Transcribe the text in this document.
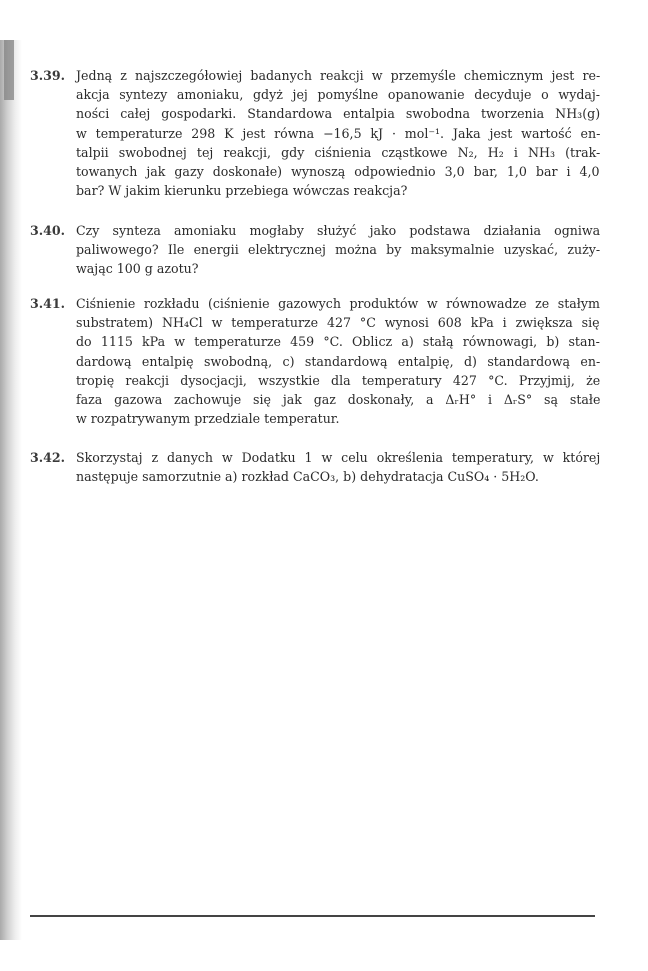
3.39. Jedną z najszczegółowiej badanych reakcji w przemyśle chemicznym jest re-
akcja syntezy amoniaku, gdyż jej pomyślne opanowanie decyduje o wydaj-
ności całej gospodarki. Standardowa entalpia swobodna tworzenia NH₃(g)
w temperaturze 298 K jest równa −16,5 kJ · mol⁻¹. Jaka jest wartość en-
talpii swobodnej tej reakcji, gdy ciśnienia cząstkowe N₂, H₂ i NH₃ (trak-
towanych jak gazy doskonałe) wynoszą odpowiednio 3,0 bar, 1,0 bar i 4,0
bar? W jakim kierunku przebiega wówczas reakcja?
3.40. Czy synteza amoniaku mogłaby służyć jako podstawa działania ogniwa
paliwowego? Ile energii elektrycznej można by maksymalnie uzyskać, zuży-
wając 100 g azotu?
3.41. Ciśnienie rozkładu (ciśnienie gazowych produktów w równowadze ze stałym
substratem) NH₄Cl w temperaturze 427 °C wynosi 608 kPa i zwiększa się
do 1115 kPa w temperaturze 459 °C. Oblicz a) stałą równowagi, b) stan-
dardową entalpię swobodną, c) standardową entalpię, d) standardową en-
tropię reakcji dysocjacji, wszystkie dla temperatury 427 °C. Przyjmij, że
faza gazowa zachowuje się jak gaz doskonały, a ΔᵣH° i ΔᵣS° są stałe
w rozpatrywanym przedziale temperatur.
3.42. Skorzystaj z danych w Dodatku 1 w celu określenia temperatury, w której
następuje samorzutnie a) rozkład CaCO₃, b) dehydratacja CuSO₄ · 5H₂O.
